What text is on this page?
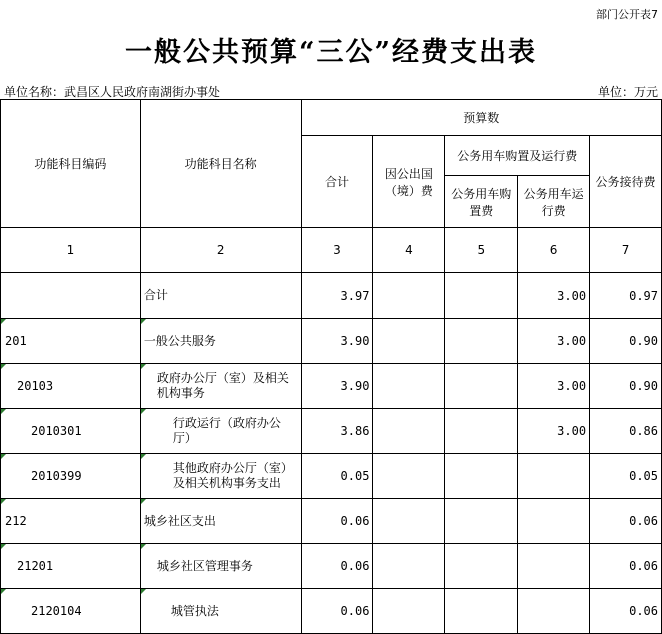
部门公开表7
一般公共预算“三公”经费支出表
单位名称：武昌区人民政府南湖街办事处	单位：万元
功能科目编码	功能科目名称	预算数				
		合计	因公出国（境）费	公务用车购置及运行费		公务接待费
				公务用车购置费	公务用车运行费	
1	2	3	4	5	6	7
	合计	3.97			3.00	0.97

201	一般公共服务	3.90			3.00	0.90

20103	政府办公厅（室）及相关机构事务	3.90			3.00	0.90

2010301	行政运行（政府办公厅）	3.86			3.00	0.86

2010399	其他政府办公厅（室）及相关机构事务支出	0.05				0.05

212	城乡社区支出	0.06				0.06

21201	城乡社区管理事务	0.06				0.06

2120104	城管执法	0.06				0.06
